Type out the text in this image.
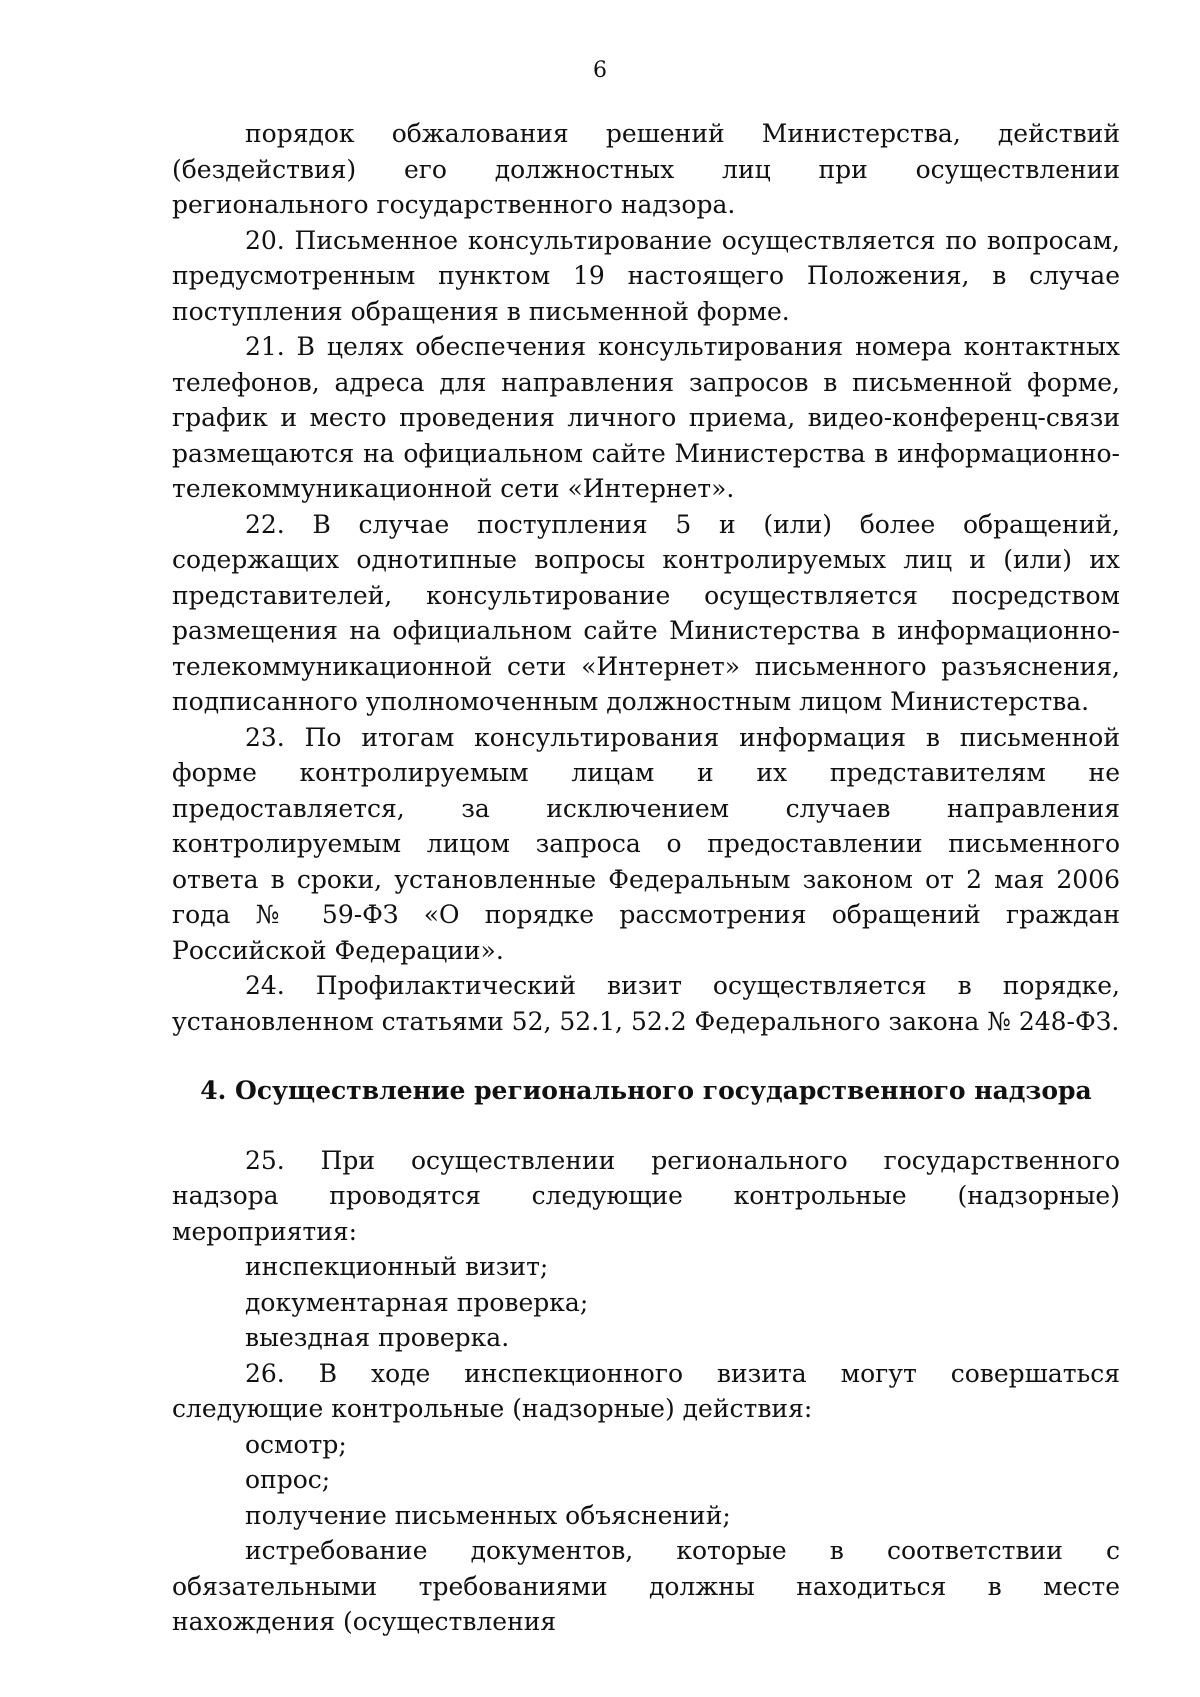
6

порядок обжалования решений Министерства, действий (бездействия) его должностных лиц при осуществлении регионального государственного надзора.

20. Письменное консультирование осуществляется по вопросам, предусмотренным пунктом 19 настоящего Положения, в случае поступления обращения в письменной форме.

21. В целях обеспечения консультирования номера контактных телефонов, адреса для направления запросов в письменной форме, график и место проведения личного приема, видео-конференц-связи размещаются на официальном сайте Министерства в информационно-телекоммуникационной сети «Интернет».

22. В случае поступления 5 и (или) более обращений, содержащих однотипные вопросы контролируемых лиц и (или) их представителей, консультирование осуществляется посредством размещения на официальном сайте Министерства в информационно-телекоммуникационной сети «Интернет» письменного разъяснения, подписанного уполномоченным должностным лицом Министерства.

23. По итогам консультирования информация в письменной форме контролируемым лицам и их представителям не предоставляется, за исключением случаев направления контролируемым лицом запроса о предоставлении письменного ответа в сроки, установленные Федеральным законом от 2 мая 2006 года № 59-ФЗ «О порядке рассмотрения обращений граждан Российской Федерации».

24. Профилактический визит осуществляется в порядке, установленном статьями 52, 52.1, 52.2 Федерального закона № 248-ФЗ.

4. Осуществление регионального государственного надзора

25. При осуществлении регионального государственного надзора проводятся следующие контрольные (надзорные) мероприятия:

инспекционный визит;

документарная проверка;

выездная проверка.

26. В ходе инспекционного визита могут совершаться следующие контрольные (надзорные) действия:

осмотр;

опрос;

получение письменных объяснений;

истребование документов, которые в соответствии с обязательными требованиями должны находиться в месте нахождения (осуществления
